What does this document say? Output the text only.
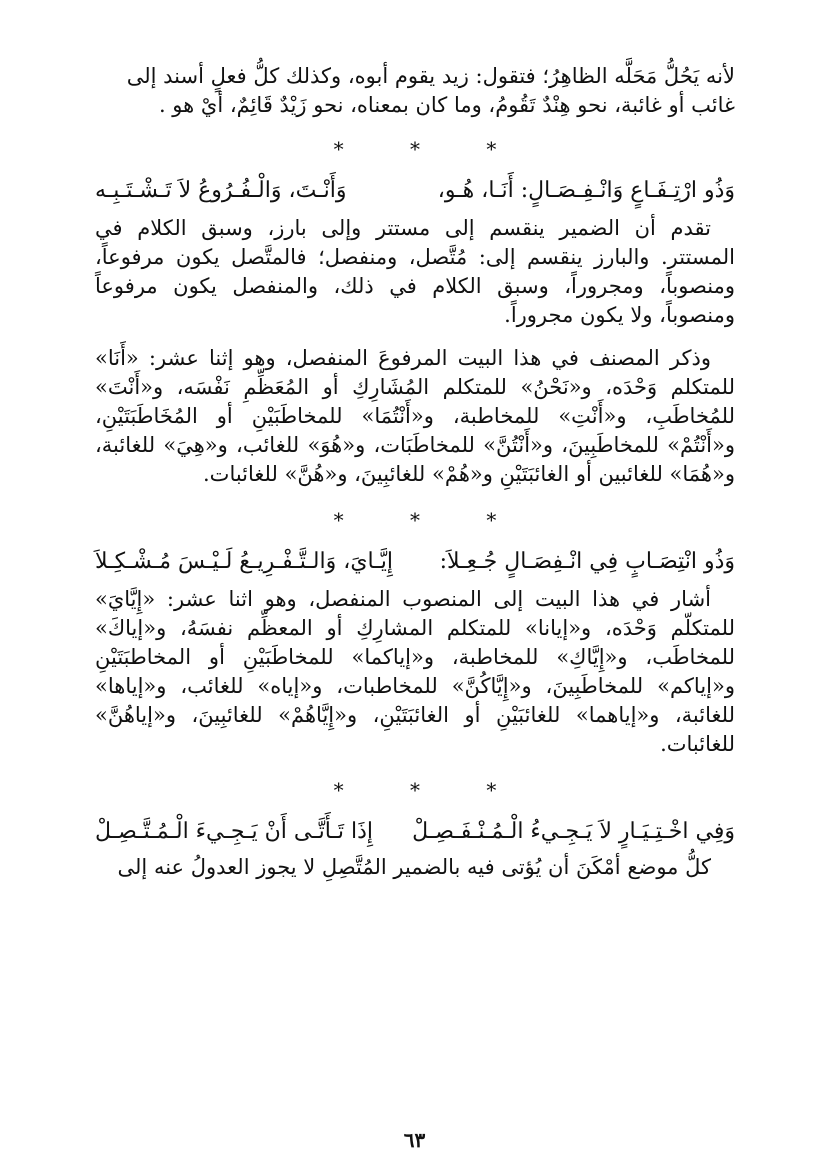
لأنه يَحُلُّ مَحَلَّه الظاهِرُ؛ فتقول: زيد يقوم أبوه، وكذلك كلُّ فعلٍ أسند إلى
غائب أو غائبة، نحو هِنْدٌ تَقُومُ، وما كان بمعناه، نحو زَيْدٌ قَائِمٌ، أيْ هو .

* * *
وَذُو ارْتِـفَـاعٍ وَانْـفِـصَـالٍ: أَنَـا، هُـو،
وَأَنْـتَ، وَالْـفُـرُوعُ لاَ تَـشْـتَـبِـه

تقدم أن الضمير ينقسم إلى مستتر وإلى بارز، وسبق الكلام في المستتر. والبارز ينقسم إلى: مُتَّصل، ومنفصل؛ فالمتَّصل يكون مرفوعاً، ومنصوباً، ومجروراً، وسبق الكلام في ذلك، والمنفصل يكون مرفوعاً ومنصوباً، ولا يكون مجروراً.

وذكر المصنف في هذا البيت المرفوعَ المنفصل، وهو إثنا عشر: «أَنَا» للمتكلم وَحْدَه، و«نَحْنُ» للمتكلم المُشَارِكِ أو المُعَظِّمِ نَفْسَه، و«أَنْتَ» للمُخاطَبِ، و«أَنْتِ» للمخاطبة، و«أَنْتُمَا» للمخاطَبَيْنِ أو المُخَاطَبَتَيْنِ، و«أَنْتُمْ» للمخاطَبِينَ، و«أَنْتُنَّ» للمخاطَبَات، و«هُوَ» للغائب، و«هِيَ» للغائبة، و«هُمَا» للغائبين أو الغائبَتَيْنِ و«هُمْ» للغائبِينَ، و«هُنَّ» للغائبات.

* * *
وَذُو انْتِصَـابٍ فِي انْـفِصَـالٍ جُـعِـلاَ:
إِيَّـايَ، وَالـتَّـفْـرِيـعُ لَـيْـسَ مُـشْـكِـلاَ

أشار في هذا البيت إلى المنصوب المنفصل، وهو اثنا عشر: «إِيَّايَ» للمتكلّم وَحْدَه، و«إيانا» للمتكلم المشارِكِ أو المعظِّم نفسَهُ، و«إياكَ» للمخاطَب، و«إِيَّاكِ» للمخاطبة، و«إياكما» للمخاطَبَيْنِ أو المخاطبَتَيْنِ و«إياكم» للمخاطَبِينَ، و«إِيَّاكُنَّ» للمخاطبات، و«إياه» للغائب، و«إياها» للغائبة، و«إياهما» للغائبَيْنِ أو الغائبَتَيْنِ، و«إِيَّاهُمْ» للغائبِينَ، و«إياهُنَّ» للغائبات.

* * *
وَفِي اخْـتِـيَـارٍ لاَ يَـجِـيءُ الْـمُـنْـفَـصِـلْ
إِذَا تَـأَتَّـى أَنْ يَـجِـيءَ الْـمُـتَّـصِـلْ

كلُّ موضع أمْكَنَ أن يُؤتى فيه بالضمير المُتَّصِلِ لا يجوز العدولُ عنه إلى

٦٣
